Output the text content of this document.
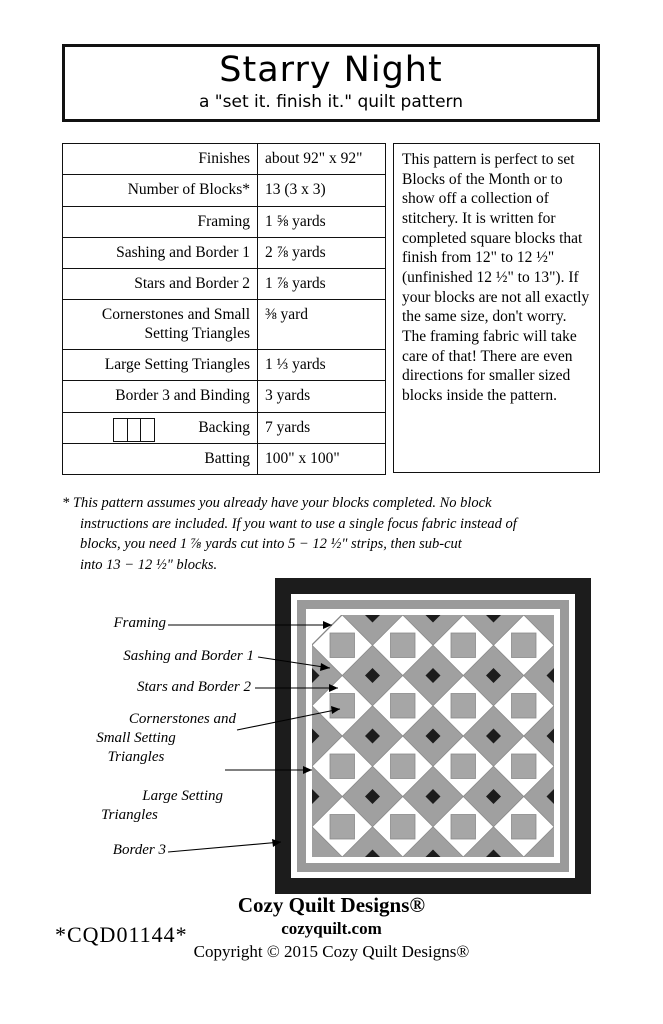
Starry Night
a "set it. finish it." quilt pattern
Finishes	about 92" x 92"
Number of Blocks*	13 (3 x 3)
Framing	1 ⅝ yards
Sashing and Border 1	2 ⅞ yards
Stars and Border 2	1 ⅞ yards
Cornerstones and Small Setting Triangles	⅜ yard
Large Setting Triangles	1 ⅓ yards
Border 3 and Binding	3 yards

Backing	7 yards
Batting	100" x 100"
This pattern is perfect to set Blocks of the Month or to show off a collection of stitchery. It is written for completed square blocks that finish from 12" to 12 ½" (unfinished 12 ½" to 13"). If your blocks are not all exactly the same size, don't worry. The framing fabric will take care of that! There are even directions for smaller sized blocks inside the pattern.
* This pattern assumes you already have your blocks completed. No block
instructions are included. If you want to use a single focus fabric instead of
blocks, you need 1 ⅞ yards cut into 5 − 12 ½" strips, then sub-cut
into 13 − 12 ½" blocks.
Framing
Sashing and Border 1
Stars and Border 2
Cornerstones and
Small Setting
Triangles
Large Setting
Triangles
Border 3
Cozy Quilt Designs®
cozyquilt.com
Copyright © 2015 Cozy Quilt Designs®
*CQD01144*
